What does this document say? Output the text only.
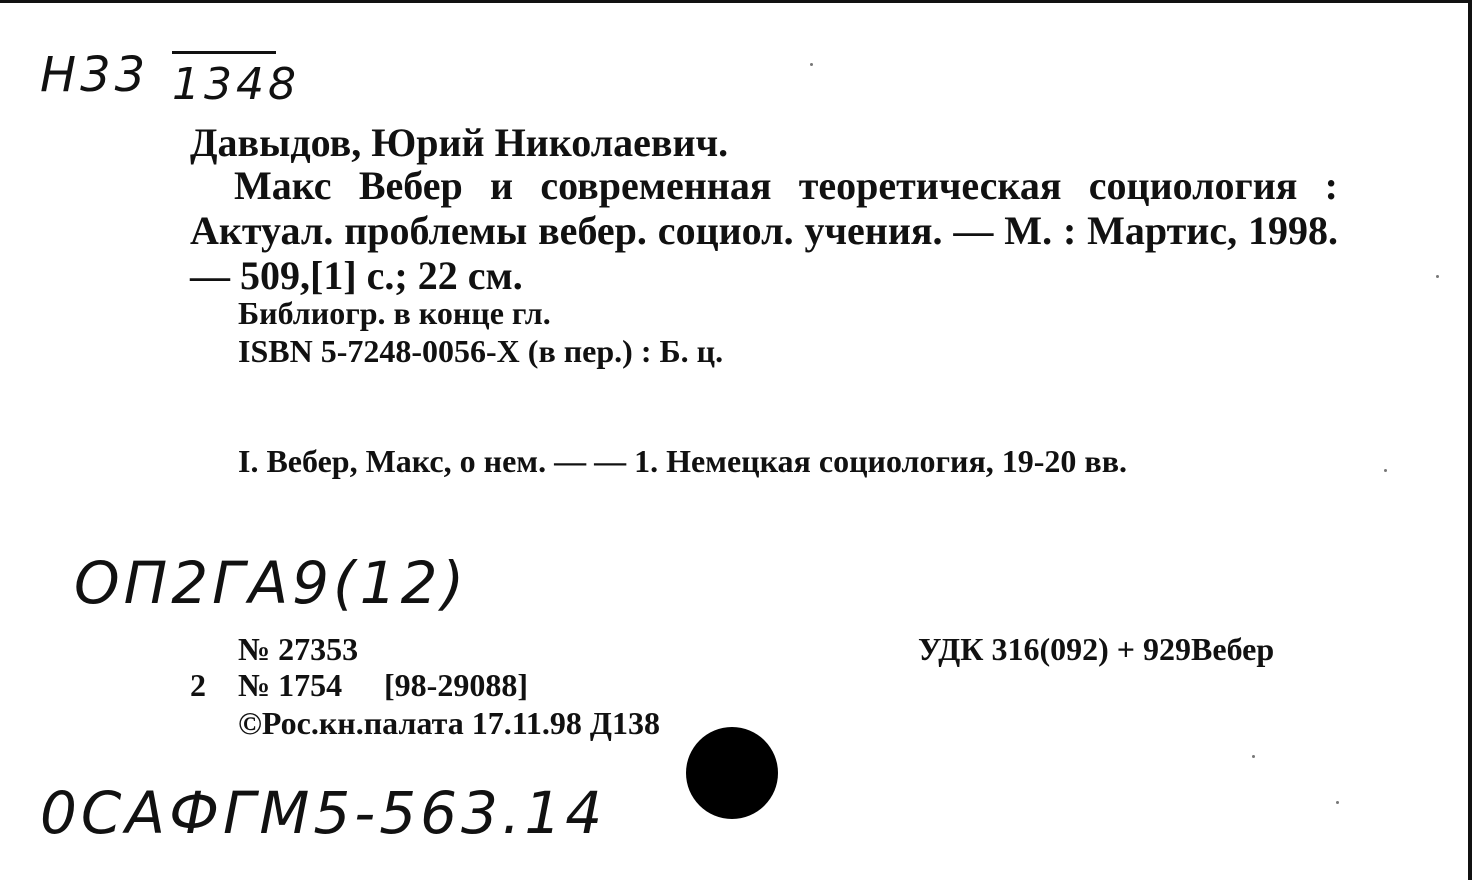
H33 1348
Давыдов, Юрий Николаевич.
Макс Вебер и современная теоретическая социология : Актуал. проблемы вебер. социол. учения. — М. : Мартис, 1998. — 509,[1] с.; 22 см.
Библиогр. в конце гл.
ISBN 5-7248-0056-X (в пер.) : Б. ц.
I. Вебер, Макс, о нем. — — 1. Немецкая социология, 19-20 вв.
ОП2ГА9(12)
№ 27353
2 № 1754 [98-29088]
©Рос.кн.палата 17.11.98 Д138
УДК 316(092) + 929Вебер
0САФГМ5-563.14
